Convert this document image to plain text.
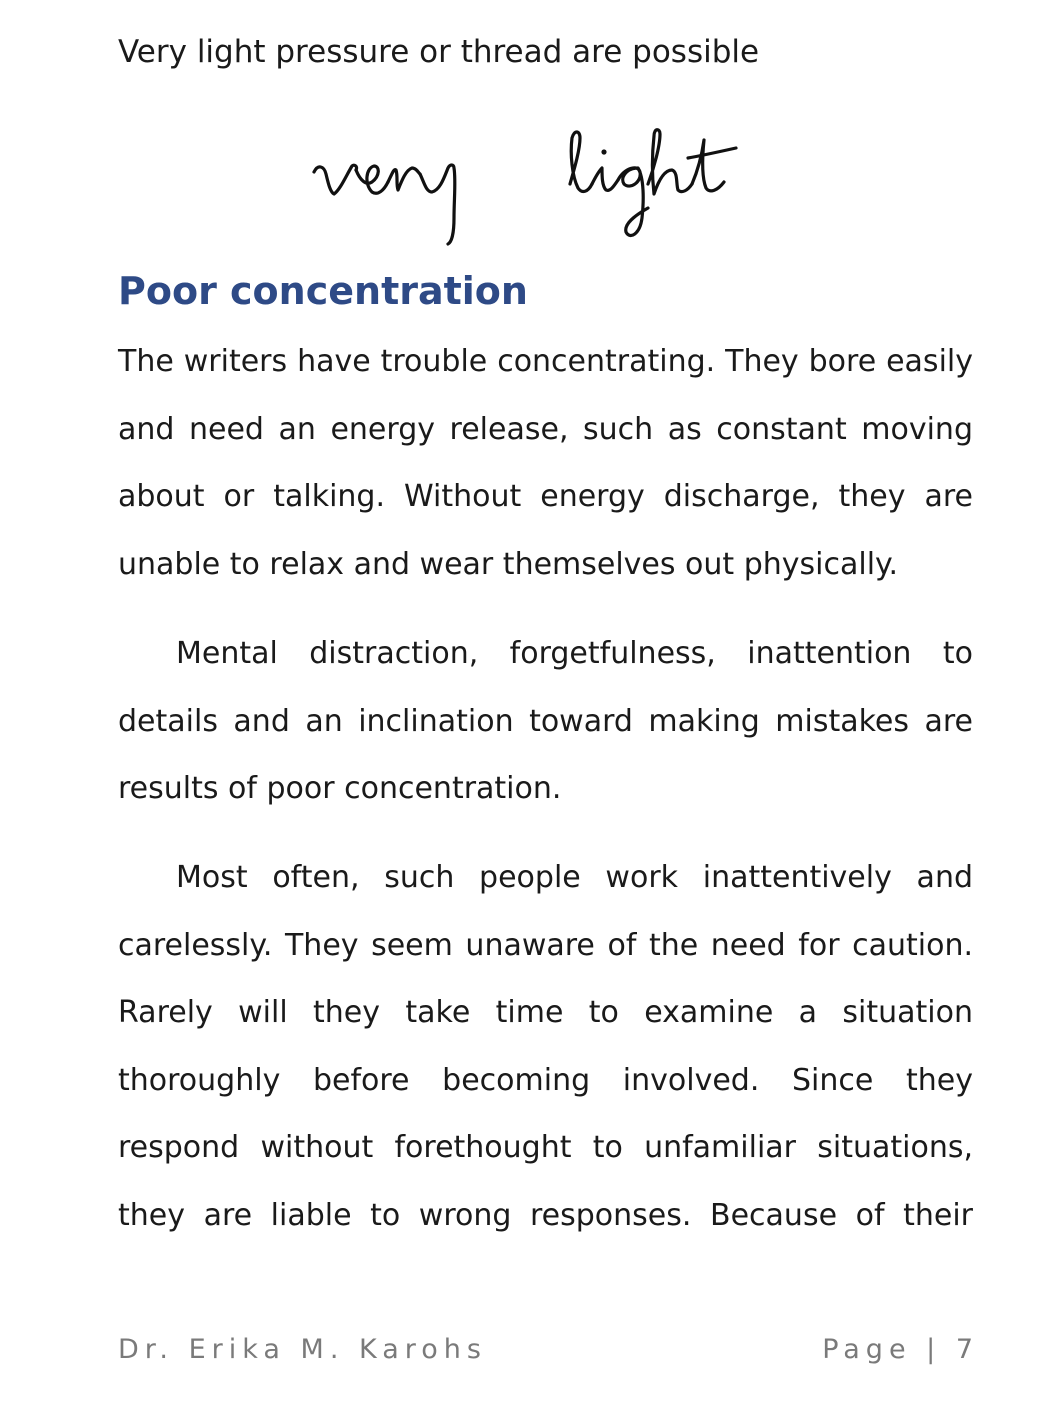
Very light pressure or thread are possible
Poor concentration
The writers have trouble concentrating. They bore easily
and need an energy release, such as constant moving
about or talking. Without energy discharge, they are
unable to relax and wear themselves out physically.
Mental distraction, forgetfulness, inattention to
details and an inclination toward making mistakes are
results of poor concentration.
Most often, such people work inattentively and
carelessly. They seem unaware of the need for caution.
Rarely will they take time to examine a situation
thoroughly before becoming involved. Since they
respond without forethought to unfamiliar situations,
they are liable to wrong responses. Because of their
Dr. Erika M. Karohs	Page | 7
